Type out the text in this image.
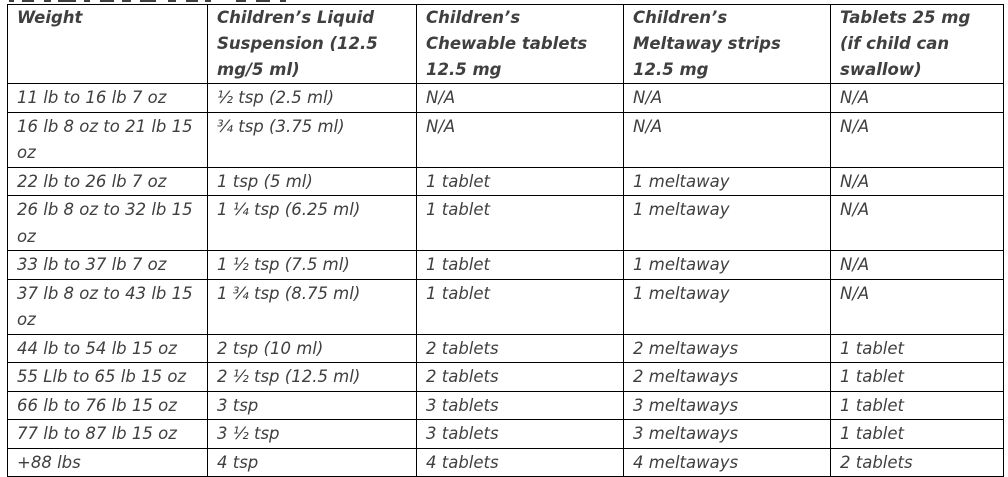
Weight	Children’s Liquid Suspension (12.5 mg/5 ml)	Children’s Chewable tablets 12.5 mg	Children’s Meltaway strips 12.5 mg	Tablets 25 mg (if child can swallow)
11 lb to 16 lb 7 oz	½ tsp (2.5 ml)	N/A	N/A	N/A
16 lb 8 oz to 21 lb 15 oz	¾ tsp (3.75 ml)	N/A	N/A	N/A
22 lb to 26 lb 7 oz	1 tsp (5 ml)	1 tablet	1 meltaway	N/A
26 lb 8 oz to 32 lb 15 oz	1 ¼ tsp (6.25 ml)	1 tablet	1 meltaway	N/A
33 lb to 37 lb 7 oz	1 ½ tsp (7.5 ml)	1 tablet	1 meltaway	N/A
37 lb 8 oz to 43 lb 15 oz	1 ¾ tsp (8.75 ml)	1 tablet	1 meltaway	N/A
44 lb to 54 lb 15 oz	2 tsp (10 ml)	2 tablets	2 meltaways	1 tablet
55 Llb to 65 lb 15 oz	2 ½ tsp (12.5 ml)	2 tablets	2 meltaways	1 tablet
66 lb to 76 lb 15 oz	3 tsp	3 tablets	3 meltaways	1 tablet
77 lb to 87 lb 15 oz	3 ½ tsp	3 tablets	3 meltaways	1 tablet
+88 lbs	4 tsp	4 tablets	4 meltaways	2 tablets
